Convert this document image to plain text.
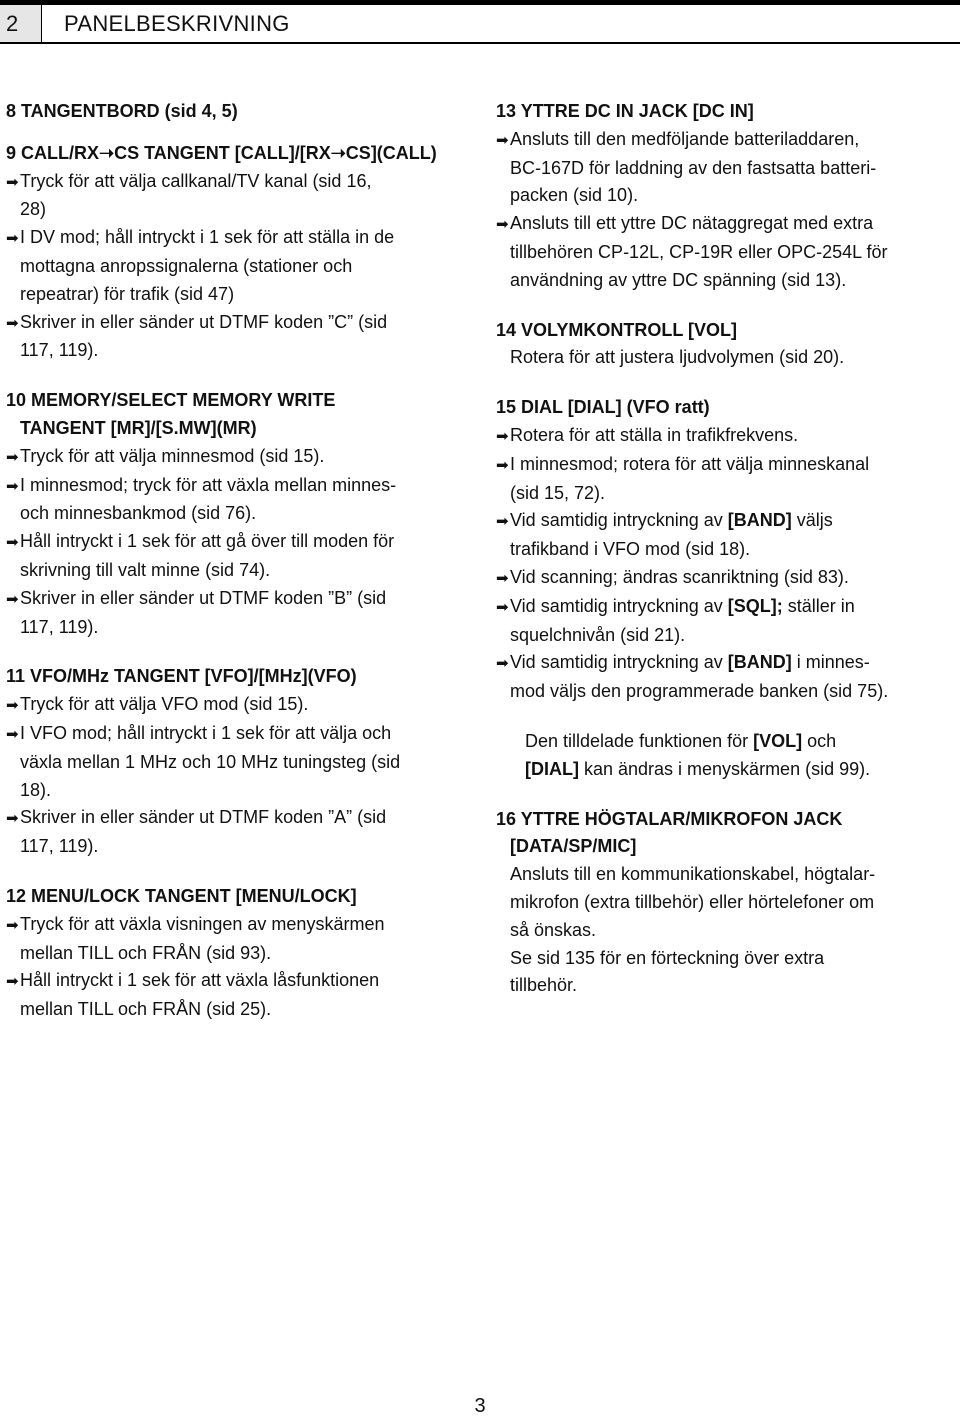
2	PANELBESKRIVNING
8 TANGENTBORD (sid 4, 5)
9 CALL/RX➝CS TANGENT [CALL]/[RX➝CS](CALL)
➡Tryck för att välja callkanal/TV kanal (sid 16,
28)
➡I DV mod; håll intryckt i 1 sek för att ställa in de
mottagna anropssignalerna (stationer och
repeatrar) för trafik (sid 47)
➡Skriver in eller sänder ut DTMF koden ”C” (sid
117, 119).
10 MEMORY/SELECT MEMORY WRITE
TANGENT [MR]/[S.MW](MR)
➡Tryck för att välja minnesmod (sid 15).
➡I minnesmod; tryck för att växla mellan minnes-
och minnesbankmod (sid 76).
➡Håll intryckt i 1 sek för att gå över till moden för
skrivning till valt minne (sid 74).
➡Skriver in eller sänder ut DTMF koden ”B” (sid
117, 119).
11 VFO/MHz TANGENT [VFO]/[MHz](VFO)
➡Tryck för att välja VFO mod (sid 15).
➡I VFO mod; håll intryckt i 1 sek för att välja och
växla mellan 1 MHz och 10 MHz tuningsteg (sid
18).
➡Skriver in eller sänder ut DTMF koden ”A” (sid
117, 119).
12 MENU/LOCK TANGENT [MENU/LOCK]
➡Tryck för att växla visningen av menyskärmen
mellan TILL och FRÅN (sid 93).
➡Håll intryckt i 1 sek för att växla låsfunktionen
mellan TILL och FRÅN (sid 25).
13 YTTRE DC IN JACK [DC IN]
➡Ansluts till den medföljande batteriladdaren,
BC-167D för laddning av den fastsatta batteri-
packen (sid 10).
➡Ansluts till ett yttre DC nätaggregat med extra
tillbehören CP-12L, CP-19R eller OPC-254L för
användning av yttre DC spänning (sid 13).
14 VOLYMKONTROLL [VOL]
Rotera för att justera ljudvolymen (sid 20).
15 DIAL [DIAL] (VFO ratt)
➡Rotera för att ställa in trafikfrekvens.
➡I minnesmod; rotera för att välja minneskanal
(sid 15, 72).
➡Vid samtidig intryckning av [BAND] väljs
trafikband i VFO mod (sid 18).
➡Vid scanning; ändras scanriktning (sid 83).
➡Vid samtidig intryckning av [SQL]; ställer in
squelchnivån (sid 21).
➡Vid samtidig intryckning av [BAND] i minnes-
mod väljs den programmerade banken (sid 75).
Den tilldelade funktionen för [VOL] och
[DIAL] kan ändras i menyskärmen (sid 99).
16 YTTRE HÖGTALAR/MIKROFON JACK
[DATA/SP/MIC]
Ansluts till en kommunikationskabel, högtalar-
mikrofon (extra tillbehör) eller hörtelefoner om
så önskas.
Se sid 135 för en förteckning över extra
tillbehör.
3
